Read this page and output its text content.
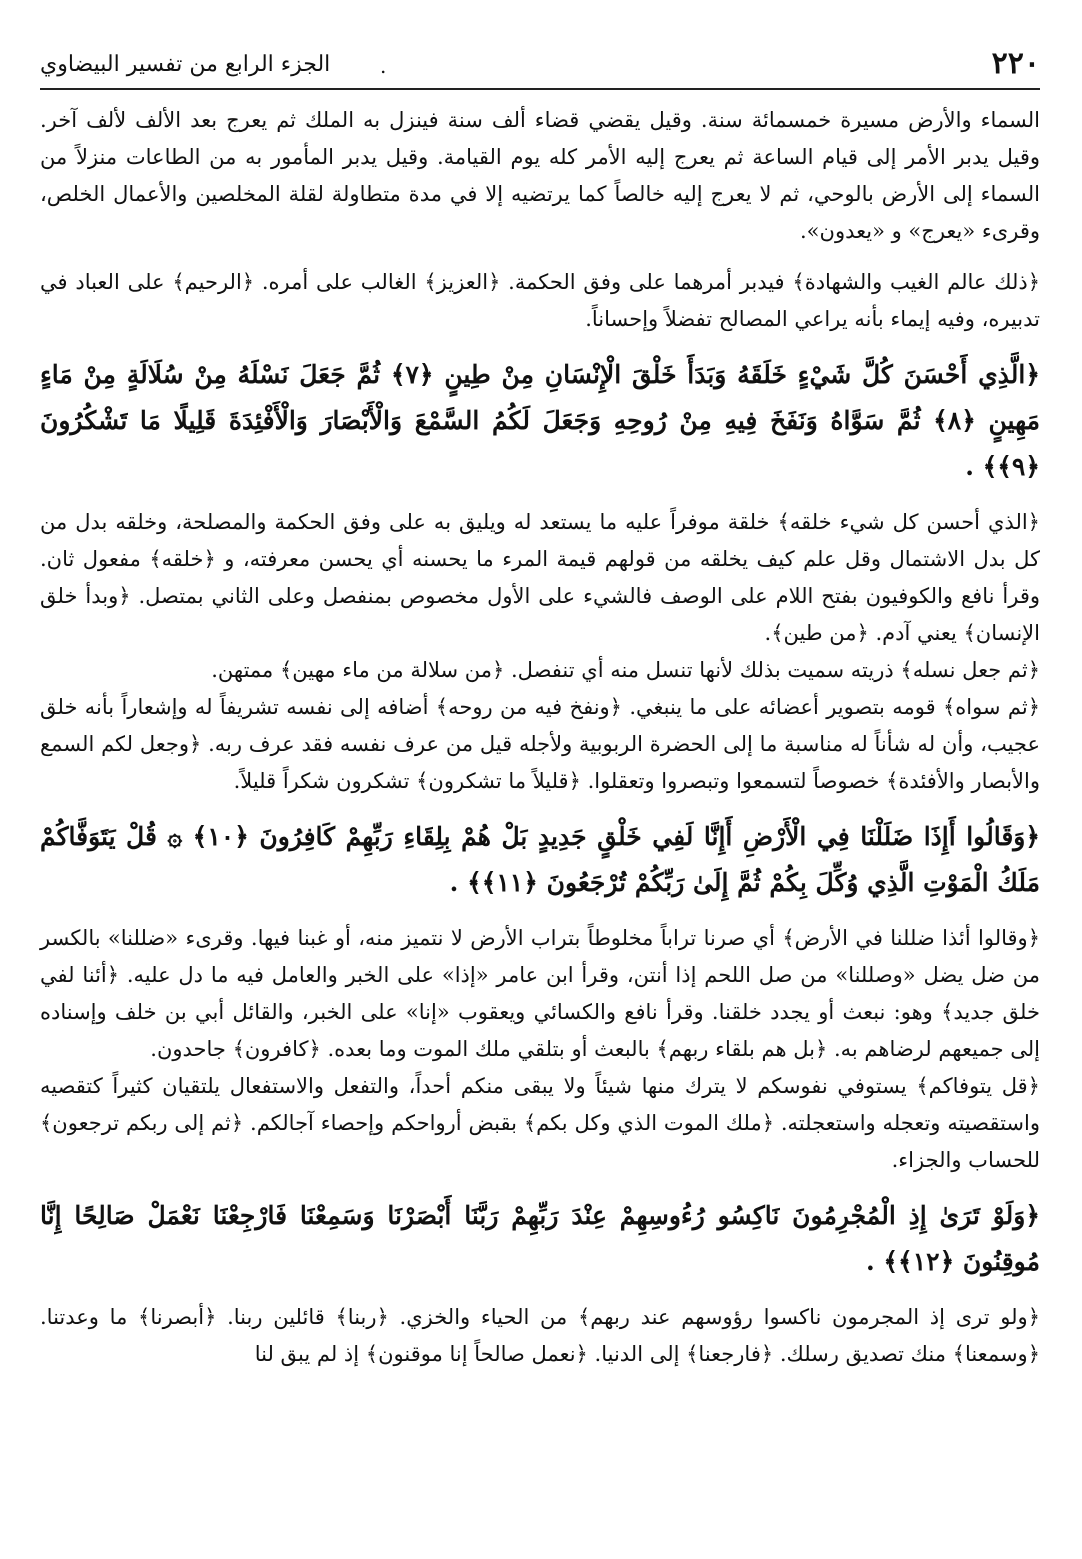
٢٢٠
.
الجزء الرابع من تفسير البيضاوي

السماء والأرض مسيرة خمسمائة سنة. وقيل يقضي قضاء ألف سنة فينزل به الملك ثم يعرج بعد الألف لألف آخر. وقيل يدبر الأمر إلى قيام الساعة ثم يعرج إليه الأمر كله يوم القيامة. وقيل يدبر المأمور به من الطاعات منزلاً من السماء إلى الأرض بالوحي، ثم لا يعرج إليه خالصاً كما يرتضيه إلا في مدة متطاولة لقلة المخلصين والأعمال الخلص، وقرىء «يعرج» و «يعدون».

﴿ذلك عالم الغيب والشهادة﴾ فيدبر أمرهما على وفق الحكمة. ﴿العزيز﴾ الغالب على أمره. ﴿الرحيم﴾ على العباد في تدبيره، وفيه إيماء بأنه يراعي المصالح تفضلاً وإحساناً.

﴿الَّذِي أَحْسَنَ كُلَّ شَيْءٍ خَلَقَهُ وَبَدَأَ خَلْقَ الْإِنْسَانِ مِنْ طِينٍ ﴿٧﴾ ثُمَّ جَعَلَ نَسْلَهُ مِنْ سُلَالَةٍ مِنْ مَاءٍ مَهِينٍ ﴿٨﴾ ثُمَّ سَوَّاهُ وَنَفَخَ فِيهِ مِنْ رُوحِهِ وَجَعَلَ لَكُمُ السَّمْعَ وَالْأَبْصَارَ وَالْأَفْئِدَةَ قَلِيلًا مَا تَشْكُرُونَ ﴿٩﴾﴾ .

﴿الذي أحسن كل شيء خلقه﴾ خلقة موفراً عليه ما يستعد له ويليق به على وفق الحكمة والمصلحة، وخلقه بدل من كل بدل الاشتمال وقل علم كيف يخلقه من قولهم قيمة المرء ما يحسنه أي يحسن معرفته، و ﴿خلقه﴾ مفعول ثان. وقرأ نافع والكوفيون بفتح اللام على الوصف فالشيء على الأول مخصوص بمنفصل وعلى الثاني بمتصل. ﴿وبدأ خلق الإنسان﴾ يعني آدم. ﴿من طين﴾.

﴿ثم جعل نسله﴾ ذريته سميت بذلك لأنها تنسل منه أي تنفصل. ﴿من سلالة من ماء مهين﴾ ممتهن.

﴿ثم سواه﴾ قومه بتصوير أعضائه على ما ينبغي. ﴿ونفخ فيه من روحه﴾ أضافه إلى نفسه تشريفاً له وإشعاراً بأنه خلق عجيب، وأن له شأناً له مناسبة ما إلى الحضرة الربوبية ولأجله قيل من عرف نفسه فقد عرف ربه. ﴿وجعل لكم السمع والأبصار والأفئدة﴾ خصوصاً لتسمعوا وتبصروا وتعقلوا. ﴿قليلاً ما تشكرون﴾ تشكرون شكراً قليلاً.

﴿وَقَالُوا أَإِذَا ضَلَلْنَا فِي الْأَرْضِ أَإِنَّا لَفِي خَلْقٍ جَدِيدٍ بَلْ هُمْ بِلِقَاءِ رَبِّهِمْ كَافِرُونَ ﴿١٠﴾ ۞ قُلْ يَتَوَفَّاكُمْ مَلَكُ الْمَوْتِ الَّذِي وُكِّلَ بِكُمْ ثُمَّ إِلَىٰ رَبِّكُمْ تُرْجَعُونَ ﴿١١﴾﴾ .

﴿وقالوا أئذا ضللنا في الأرض﴾ أي صرنا تراباً مخلوطاً بتراب الأرض لا نتميز منه، أو غبنا فيها. وقرىء «ضللنا» بالكسر من ضل يضل «وصللنا» من صل اللحم إذا أنتن، وقرأ ابن عامر «إذا» على الخبر والعامل فيه ما دل عليه. ﴿أئنا لفي خلق جديد﴾ وهو: نبعث أو يجدد خلقنا. وقرأ نافع والكسائي ويعقوب «إنا» على الخبر، والقائل أبي بن خلف وإسناده إلى جميعهم لرضاهم به. ﴿بل هم بلقاء ربهم﴾ بالبعث أو بتلقي ملك الموت وما بعده. ﴿كافرون﴾ جاحدون.

﴿قل يتوفاكم﴾ يستوفي نفوسكم لا يترك منها شيئاً ولا يبقى منكم أحداً، والتفعل والاستفعال يلتقيان كثيراً كتقصيه واستقصيته وتعجله واستعجلته. ﴿ملك الموت الذي وكل بكم﴾ بقبض أرواحكم وإحصاء آجالكم. ﴿ثم إلى ربكم ترجعون﴾ للحساب والجزاء.

﴿وَلَوْ تَرَىٰ إِذِ الْمُجْرِمُونَ نَاكِسُو رُءُوسِهِمْ عِنْدَ رَبِّهِمْ رَبَّنَا أَبْصَرْنَا وَسَمِعْنَا فَارْجِعْنَا نَعْمَلْ صَالِحًا إِنَّا مُوقِنُونَ ﴿١٢﴾﴾ .

﴿ولو ترى إذ المجرمون ناكسوا رؤوسهم عند ربهم﴾ من الحياء والخزي. ﴿ربنا﴾ قائلين ربنا. ﴿أبصرنا﴾ ما وعدتنا. ﴿وسمعنا﴾ منك تصديق رسلك. ﴿فارجعنا﴾ إلى الدنيا. ﴿نعمل صالحاً إنا موقنون﴾ إذ لم يبق لنا
